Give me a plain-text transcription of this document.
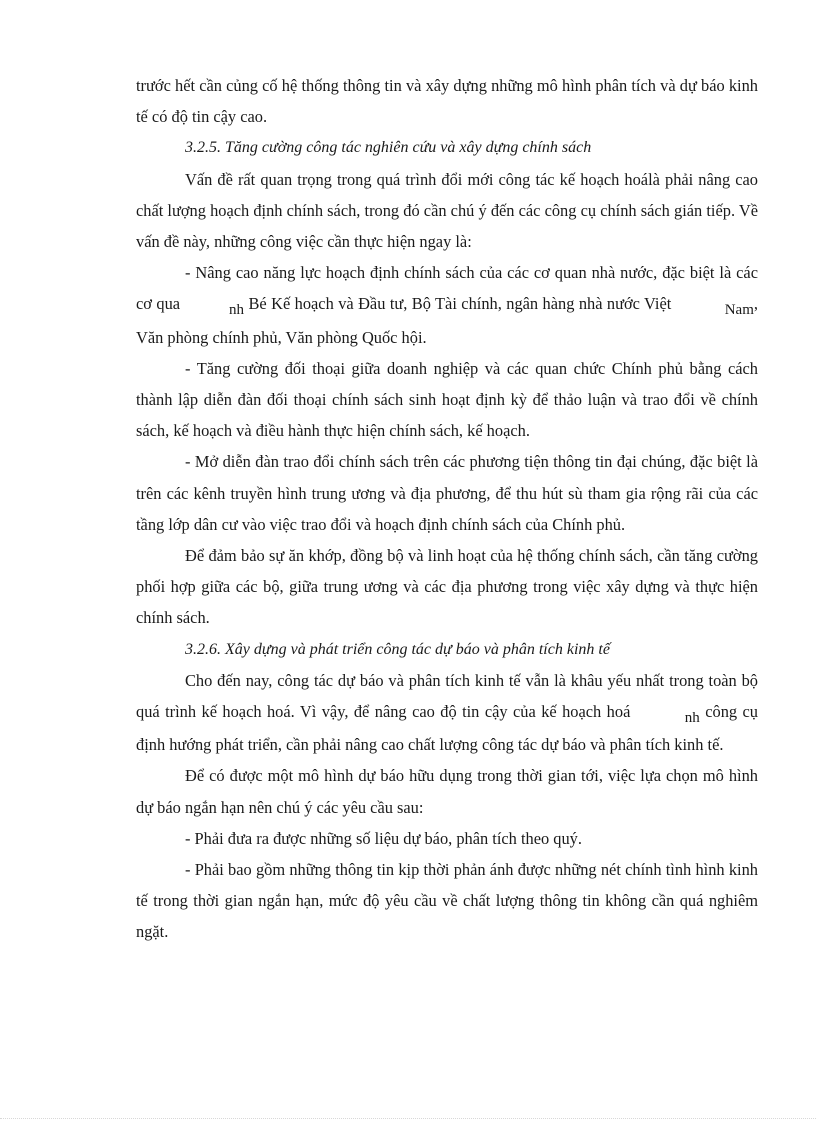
trước hết cần củng cố hệ thống thông tin và xây dựng những mô hình phân tích và dự báo kinh tế có độ tin cậy cao.

3.2.5. Tăng cường công tác nghiên cứu và xây dựng chính sách

Vấn đề rất quan trọng trong quá trình đổi mới công tác kế hoạch hoálà phải nâng cao chất lượng hoạch định chính sách, trong đó cần chú ý đến các công cụ chính sách gián tiếp. Về vấn đề này, những công việc cần thực hiện ngay là:

- Nâng cao năng lực hoạch định chính sách của các cơ quan nhà nước, đặc biệt là các cơ qua	nh Bé Kế hoạch và Đầu tư, Bộ Tài chính, ngân hàng nhà nước Việt	Nam, Văn phòng chính phủ, Văn phòng Quốc hội.

- Tăng cường đối thoại giữa doanh nghiệp và các quan chức Chính phủ bằng cách thành lập diễn đàn đối thoại chính sách sinh hoạt định kỳ để thảo luận và trao đổi về chính sách, kế hoạch và điều hành thực hiện chính sách, kế hoạch.

- Mở diễn đàn trao đổi chính sách trên các phương tiện thông tin đại chúng, đặc biệt là trên các kênh truyền hình trung ương và địa phương, để thu hút sù tham gia rộng rãi của các tầng lớp dân cư vào việc trao đổi và hoạch định chính sách của Chính phủ.

Để đảm bảo sự ăn khớp, đồng bộ và linh hoạt của hệ thống chính sách, cần tăng cường phối hợp giữa các bộ, giữa trung ương và các địa phương trong việc xây dựng và thực hiện chính sách.

3.2.6. Xây dựng và phát triển công tác dự báo và phân tích kinh tế

Cho đến nay, công tác dự báo và phân tích kinh tế vẫn là khâu yếu nhất trong toàn bộ quá trình kế hoạch hoá. Vì vậy, để nâng cao độ tin cậy của kế hoạch hoá	nh công cụ định hướng phát triển, cần phải nâng cao chất lượng công tác dự báo và phân tích kinh tế.

Để có được một mô hình dự báo hữu dụng trong thời gian tới, việc lựa chọn mô hình dự báo ngắn hạn nên chú ý các yêu cầu sau:

- Phải đưa ra được những số liệu dự báo, phân tích theo quý.

- Phải bao gồm những thông tin kịp thời phản ánh được những nét chính tình hình kinh tế trong thời gian ngắn hạn, mức độ yêu cầu về chất lượng thông tin không cần quá nghiêm ngặt.
